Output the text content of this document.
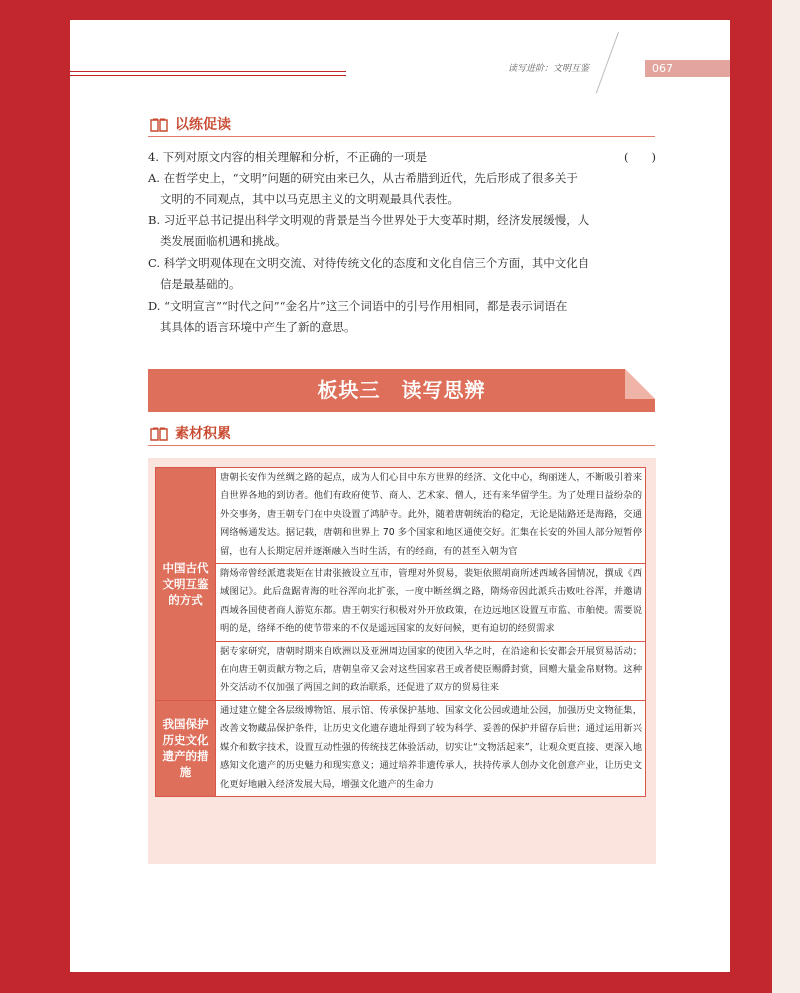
读写进阶：文明互鉴	067
以练促读
4. 下列对原文内容的相关理解和分析，不正确的一项是	(　　)
A. 在哲学史上，“文明”问题的研究由来已久，从古希腊到近代，先后形成了很多关于
文明的不同观点，其中以马克思主义的文明观最具代表性。
B. 习近平总书记提出科学文明观的背景是当今世界处于大变革时期，经济发展缓慢，人
类发展面临机遇和挑战。
C. 科学文明观体现在文明交流、对待传统文化的态度和文化自信三个方面，其中文化自
信是最基础的。
D. “文明宣言”“时代之问”“金名片”这三个词语中的引号作用相同，都是表示词语在
其具体的语言环境中产生了新的意思。
板块三　读写思辨
素材积累
中国古代文明互鉴的方式	唐朝长安作为丝绸之路的起点，成为人们心目中东方世界的经济、文化中心，绚丽迷人，不断吸引着来自世界各地的到访者。他们有政府使节、商人、艺术家、僧人，还有来华留学生。为了处理日益纷杂的外交事务，唐王朝专门在中央设置了鸿胪寺。此外，随着唐朝统治的稳定，无论是陆路还是海路，交通网络畅通发达。据记载，唐朝和世界上 70 多个国家和地区通使交好。汇集在长安的外国人部分短暂停留，也有人长期定居并逐渐融入当时生活，有的经商，有的甚至入朝为官
	隋炀帝曾经派遣裴矩在甘肃张掖设立互市，管理对外贸易，裴矩依照胡商所述西域各国情况，撰成《西域图记》。此后盘踞青海的吐谷浑向北扩张，一度中断丝绸之路，隋炀帝因此派兵击败吐谷浑，并邀请西域各国使者商人游览东都。唐王朝实行积极对外开放政策，在边远地区设置互市监、市舶使。需要说明的是，络绎不绝的使节带来的不仅是遥远国家的友好问候，更有迫切的经贸需求
	据专家研究，唐朝时期来自欧洲以及亚洲周边国家的使团入华之时，在沿途和长安都会开展贸易活动；在向唐王朝贡献方物之后，唐朝皇帝又会对这些国家君王或者使臣赐爵封赏，回赠大量金帛财物。这种外交活动不仅加强了两国之间的政治联系，还促进了双方的贸易往来
我国保护历史文化遗产的措施	通过建立健全各层级博物馆、展示馆、传承保护基地、国家文化公园或遗址公园，加强历史文物征集，改善文物藏品保护条件，让历史文化遗存遗址得到了较为科学、妥善的保护并留存后世；通过运用新兴媒介和数字技术，设置互动性强的传统技艺体验活动，切实让“文物活起来”，让观众更直接、更深入地感知文化遗产的历史魅力和现实意义；通过培养非遗传承人，扶持传承人创办文化创意产业，让历史文化更好地融入经济发展大局，增强文化遗产的生命力
